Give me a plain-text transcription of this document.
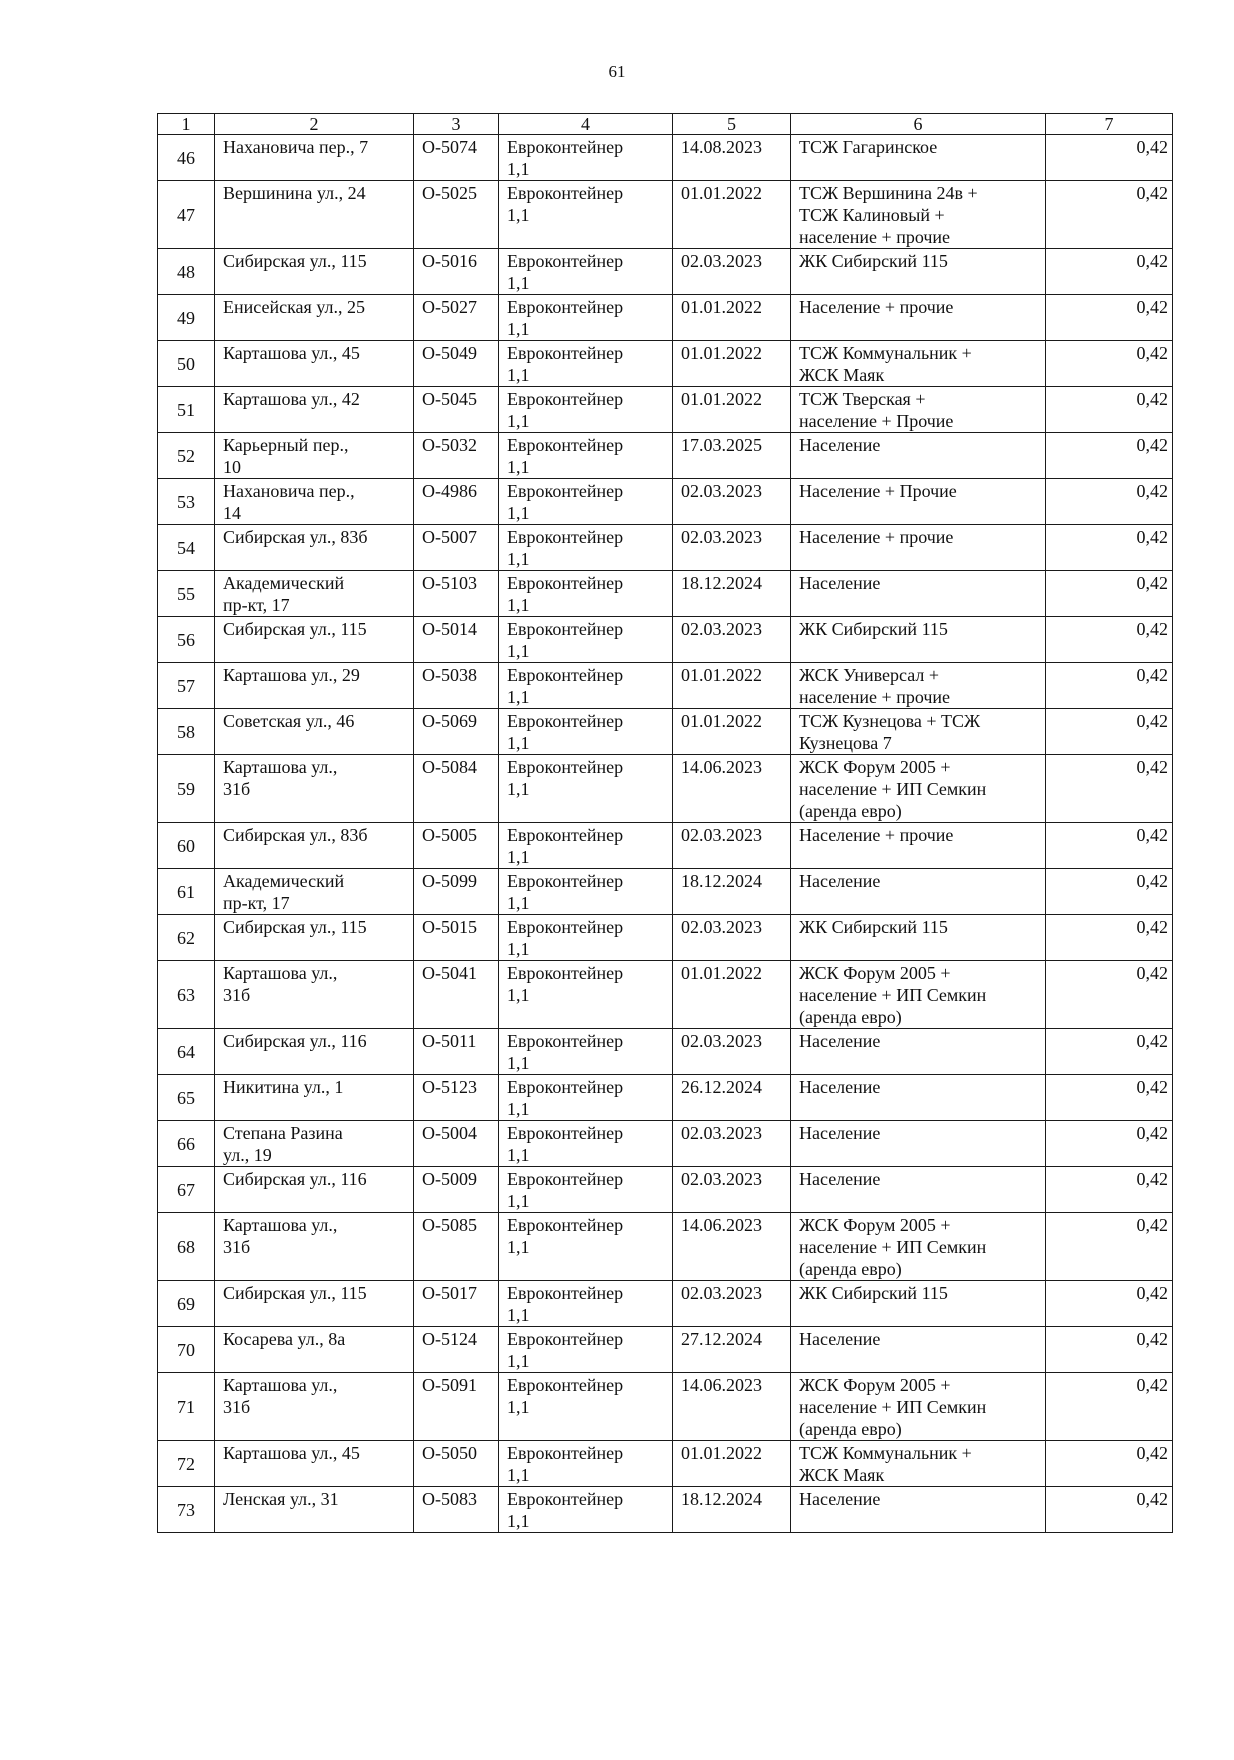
61
1	2	3	4	5	6	7
46	Нахановича пер., 7	О-5074	Евроконтейнер
1,1	14.08.2023	ТСЖ Гагаринское	0,42
47	Вершинина ул., 24	О-5025	Евроконтейнер
1,1	01.01.2022	ТСЖ Вершинина 24в +
ТСЖ Калиновый +
население + прочие	0,42
48	Сибирская ул., 115	О-5016	Евроконтейнер
1,1	02.03.2023	ЖК Сибирский 115	0,42
49	Енисейская ул., 25	О-5027	Евроконтейнер
1,1	01.01.2022	Население + прочие	0,42
50	Карташова ул., 45	О-5049	Евроконтейнер
1,1	01.01.2022	ТСЖ Коммунальник +
ЖСК Маяк	0,42
51	Карташова ул., 42	О-5045	Евроконтейнер
1,1	01.01.2022	ТСЖ Тверская +
население + Прочие	0,42
52	Карьерный пер.,
10	О-5032	Евроконтейнер
1,1	17.03.2025	Население	0,42
53	Нахановича пер.,
14	О-4986	Евроконтейнер
1,1	02.03.2023	Население + Прочие	0,42
54	Сибирская ул., 83б	О-5007	Евроконтейнер
1,1	02.03.2023	Население + прочие	0,42
55	Академический
пр-кт, 17	О-5103	Евроконтейнер
1,1	18.12.2024	Население	0,42
56	Сибирская ул., 115	О-5014	Евроконтейнер
1,1	02.03.2023	ЖК Сибирский 115	0,42
57	Карташова ул., 29	О-5038	Евроконтейнер
1,1	01.01.2022	ЖСК Универсал +
население + прочие	0,42
58	Советская ул., 46	О-5069	Евроконтейнер
1,1	01.01.2022	ТСЖ Кузнецова + ТСЖ
Кузнецова 7	0,42
59	Карташова ул.,
31б	О-5084	Евроконтейнер
1,1	14.06.2023	ЖСК Форум 2005 +
население + ИП Семкин
(аренда евро)	0,42
60	Сибирская ул., 83б	О-5005	Евроконтейнер
1,1	02.03.2023	Население + прочие	0,42
61	Академический
пр-кт, 17	О-5099	Евроконтейнер
1,1	18.12.2024	Население	0,42
62	Сибирская ул., 115	О-5015	Евроконтейнер
1,1	02.03.2023	ЖК Сибирский 115	0,42
63	Карташова ул.,
31б	О-5041	Евроконтейнер
1,1	01.01.2022	ЖСК Форум 2005 +
население + ИП Семкин
(аренда евро)	0,42
64	Сибирская ул., 116	О-5011	Евроконтейнер
1,1	02.03.2023	Население	0,42
65	Никитина ул., 1	О-5123	Евроконтейнер
1,1	26.12.2024	Население	0,42
66	Степана Разина
ул., 19	О-5004	Евроконтейнер
1,1	02.03.2023	Население	0,42
67	Сибирская ул., 116	О-5009	Евроконтейнер
1,1	02.03.2023	Население	0,42
68	Карташова ул.,
31б	О-5085	Евроконтейнер
1,1	14.06.2023	ЖСК Форум 2005 +
население + ИП Семкин
(аренда евро)	0,42
69	Сибирская ул., 115	О-5017	Евроконтейнер
1,1	02.03.2023	ЖК Сибирский 115	0,42
70	Косарева ул., 8а	О-5124	Евроконтейнер
1,1	27.12.2024	Население	0,42
71	Карташова ул.,
31б	О-5091	Евроконтейнер
1,1	14.06.2023	ЖСК Форум 2005 +
население + ИП Семкин
(аренда евро)	0,42
72	Карташова ул., 45	О-5050	Евроконтейнер
1,1	01.01.2022	ТСЖ Коммунальник +
ЖСК Маяк	0,42
73	Ленская ул., 31	О-5083	Евроконтейнер
1,1	18.12.2024	Население	0,42
